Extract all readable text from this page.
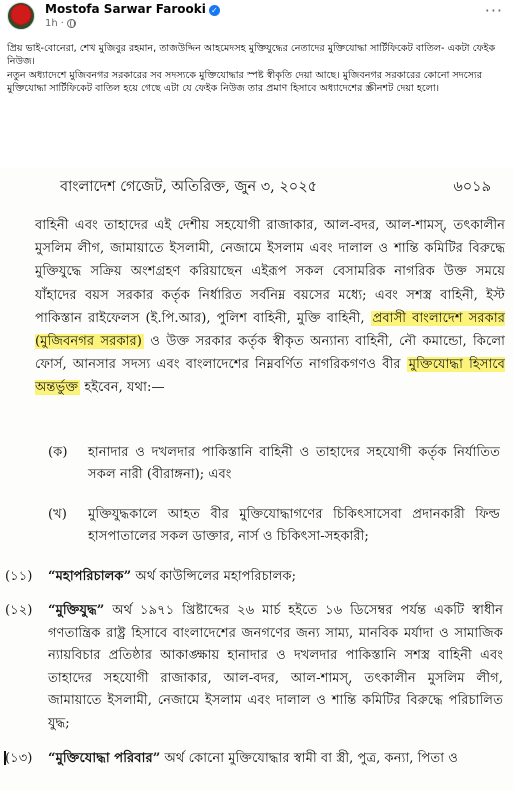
Mostofa Sarwar Farooki ✓
1h ·
···

প্রিয় ভাই-বোনেরা, শেখ মুজিবুর রহমান, তাজউদ্দিন আহমেদসহ মুক্তিযুদ্ধের নেতাদের মুক্তিযোদ্ধা সার্টিফিকেট বাতিল- একটা ফেইক নিউজ।

নতুন অধ্যাদেশে মুজিবনগর সরকারের সব সদস্যকে মুক্তিযোদ্ধার স্পষ্ট স্বীকৃতি দেয়া আছে। মুজিবনগর সরকারের কোনো সদস্যের মুক্তিযোদ্ধা সার্টিফিকেট বাতিল হয়ে গেছে এটা যে ফেইক নিউজ তার প্রমাণ হিসাবে অধ্যাদেশের স্ক্রীনশট দেয়া হলো।

বাংলাদেশ গেজেট, অতিরিক্ত, জুন ৩, ২০২৫	৬০১৯
বাহিনী এবং তাহাদের এই দেশীয় সহযোগী রাজাকার, আল-বদর, আল-শামস্, তৎকালীন মুসলিম লীগ, জামায়াতে ইসলামী, নেজামে ইসলাম এবং দালাল ও শান্তি কমিটির বিরুদ্ধে মুক্তিযুদ্ধে সক্রিয় অংশগ্রহণ করিয়াছেন এইরূপ সকল বেসামরিক নাগরিক উক্ত সময়ে যাঁহাদের বয়স সরকার কর্তৃক নির্ধারিত সর্বনিম্ন বয়সের মধ্যে; এবং সশস্ত্র বাহিনী, ইস্ট পাকিস্তান রাইফেলস (ই.পি.আর), পুলিশ বাহিনী, মুক্তি বাহিনী, প্রবাসী বাংলাদেশ সরকার (মুজিবনগর সরকার) ও উক্ত সরকার কর্তৃক স্বীকৃত অন্যান্য বাহিনী, নৌ কমান্ডো, কিলো ফোর্স, আনসার সদস্য এবং বাংলাদেশের নিম্নবর্ণিত নাগরিকগণও বীর মুক্তিযোদ্ধা হিসাবে অন্তর্ভুক্ত হইবেন, যথা:—
(ক) হানাদার ও দখলদার পাকিস্তানি বাহিনী ও তাহাদের সহযোগী কর্তৃক নির্যাতিত সকল নারী (বীরাঙ্গনা); এবং
(খ) মুক্তিযুদ্ধকালে আহত বীর মুক্তিযোদ্ধাগণের চিকিৎসাসেবা প্রদানকারী ফিল্ড হাসপাতালের সকল ডাক্তার, নার্স ও চিকিৎসা-সহকারী;
(১১) “মহাপরিচালক” অর্থ কাউন্সিলের মহাপরিচালক;
(১২) “মুক্তিযুদ্ধ” অর্থ ১৯৭১ খ্রিষ্টাব্দের ২৬ মার্চ হইতে ১৬ ডিসেম্বর পর্যন্ত একটি স্বাধীন গণতান্ত্রিক রাষ্ট্র হিসাবে বাংলাদেশের জনগণের জন্য সাম্য, মানবিক মর্যাদা ও সামাজিক ন্যায়বিচার প্রতিষ্ঠার আকাঙ্ক্ষায় হানাদার ও দখলদার পাকিস্তানি সশস্ত্র বাহিনী এবং তাহাদের সহযোগী রাজাকার, আল-বদর, আল-শামস্, তৎকালীন মুসলিম লীগ, জামায়াতে ইসলামী, নেজামে ইসলাম এবং দালাল ও শান্তি কমিটির বিরুদ্ধে পরিচালিত যুদ্ধ;
(১৩) “মুক্তিযোদ্ধা পরিবার” অর্থ কোনো মুক্তিযোদ্ধার স্বামী বা স্ত্রী, পুত্র, কন্যা, পিতা ও
